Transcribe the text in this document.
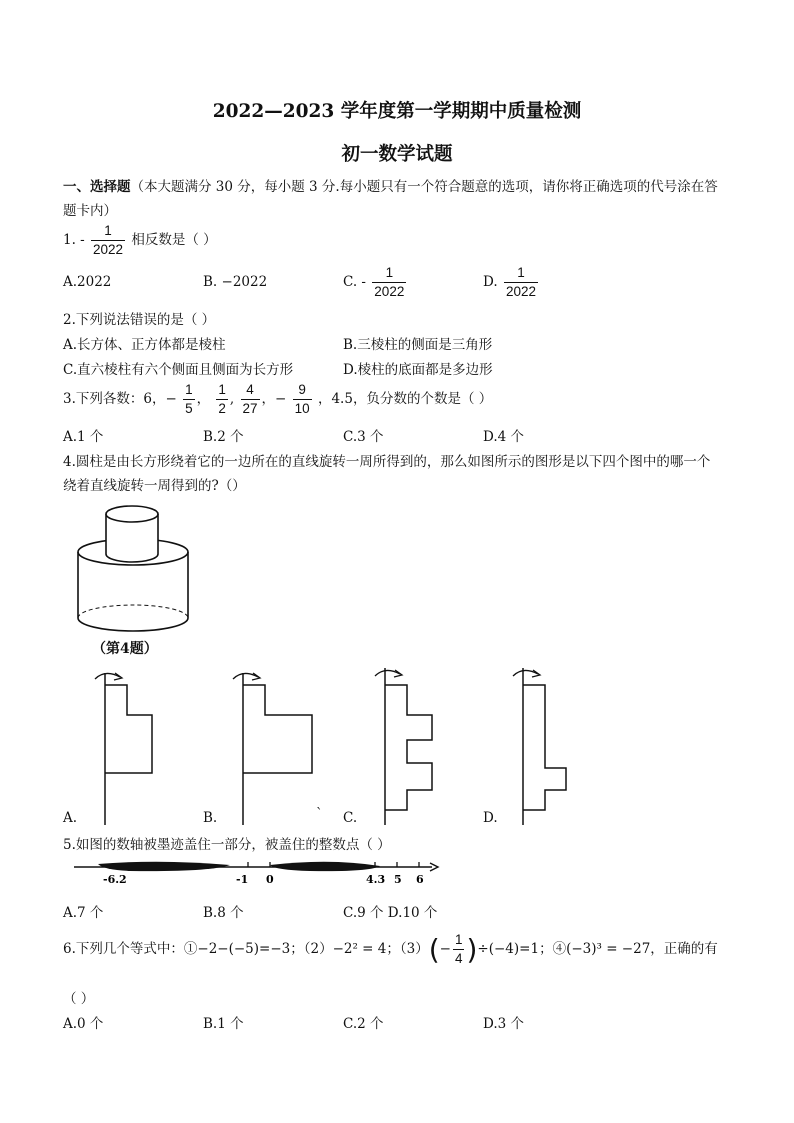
2022—2023 学年度第一学期期中质量检测
初一数学试题
一、选择题（本大题满分 30 分，每小题 3 分.每小题只有一个符合题意的选项，请你将正确选项的代号涂在答
题卡内）
1. - $\frac{1}{2022}$ 相反数是（ ）
A.2022	B. −2022	C. - $\frac{1}{2022}$	D. $\frac{1}{2022}$
2.下列说法错误的是（ ）
A.长方体、正方体都是棱柱	B.三棱柱的侧面是三角形
C.直六棱柱有六个侧面且侧面为长方形	D.棱柱的底面都是多边形
3.下列各数：6，− $\frac{1}{5}$ ， $\frac{1}{2}$ , $\frac{4}{27}$ ，− $\frac{9}{10}$ ，4.5，负分数的个数是（ ）
A.1 个	B.2 个	C.3 个	D.4 个
4.圆柱是由长方形绕着它的一边所在的直线旋转一周所得到的，那么如图所示的图形是以下四个图中的哪一个
绕着直线旋转一周得到的?（）
（第4题）
A.	B.	` C.	D.
5.如图的数轴被墨迹盖住一部分，被盖住的整数点（ ）
-6.2	-1 0	4.3 5 6
A.7 个	B.8 个	C.9 个 D.10 个
6.下列几个等式中：①−2−(−5)=−3；（2）−2² = 4；$(3)(- \frac{1}{4} )\div(-4)=1$；④(−3)³ = −27，正确的有
（ ）
A.0 个	B.1 个	C.2 个	D.3 个
